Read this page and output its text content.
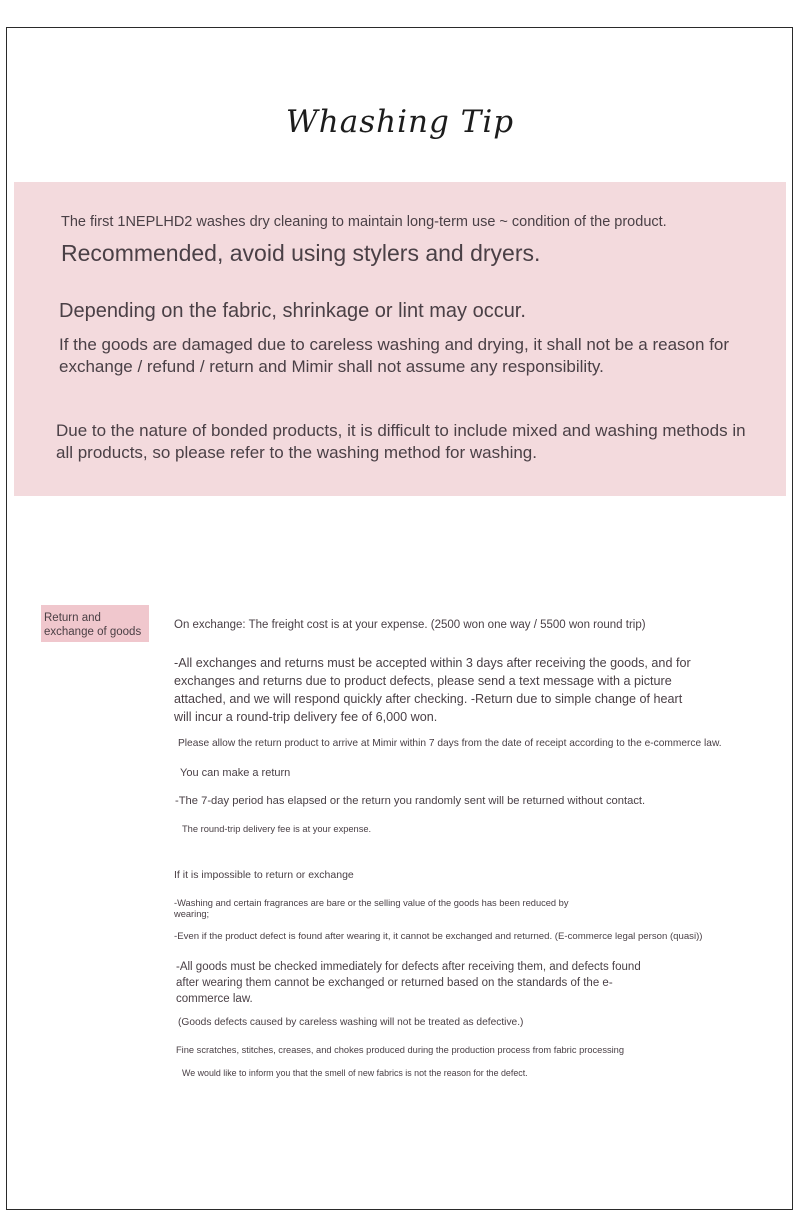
Whashing Tip
The first 1NEPLHD2 washes dry cleaning to maintain long-term use ~ condition of the product.
Recommended, avoid using stylers and dryers.
Depending on the fabric, shrinkage or lint may occur.
If the goods are damaged due to careless washing and drying, it shall not be a reason for exchange / refund / return and Mimir shall not assume any responsibility.
Due to the nature of bonded products, it is difficult to include mixed and washing methods in all products, so please refer to the washing method for washing.
Return and exchange of goods
On exchange: The freight cost is at your expense. (2500 won one way / 5500 won round trip)
-All exchanges and returns must be accepted within 3 days after receiving the goods, and for exchanges and returns due to product defects, please send a text message with a picture attached, and we will respond quickly after checking. -Return due to simple change of heart will incur a round-trip delivery fee of 6,000 won.
Please allow the return product to arrive at Mimir within 7 days from the date of receipt according to the e-commerce law.
You can make a return
-The 7-day period has elapsed or the return you randomly sent will be returned without contact.
The round-trip delivery fee is at your expense.
If it is impossible to return or exchange
-Washing and certain fragrances are bare or the selling value of the goods has been reduced by wearing;
-Even if the product defect is found after wearing it, it cannot be exchanged and returned. (E-commerce legal person (quasi))
-All goods must be checked immediately for defects after receiving them, and defects found after wearing them cannot be exchanged or returned based on the standards of the e-commerce law.
(Goods defects caused by careless washing will not be treated as defective.)
Fine scratches, stitches, creases, and chokes produced during the production process from fabric processing
We would like to inform you that the smell of new fabrics is not the reason for the defect.
